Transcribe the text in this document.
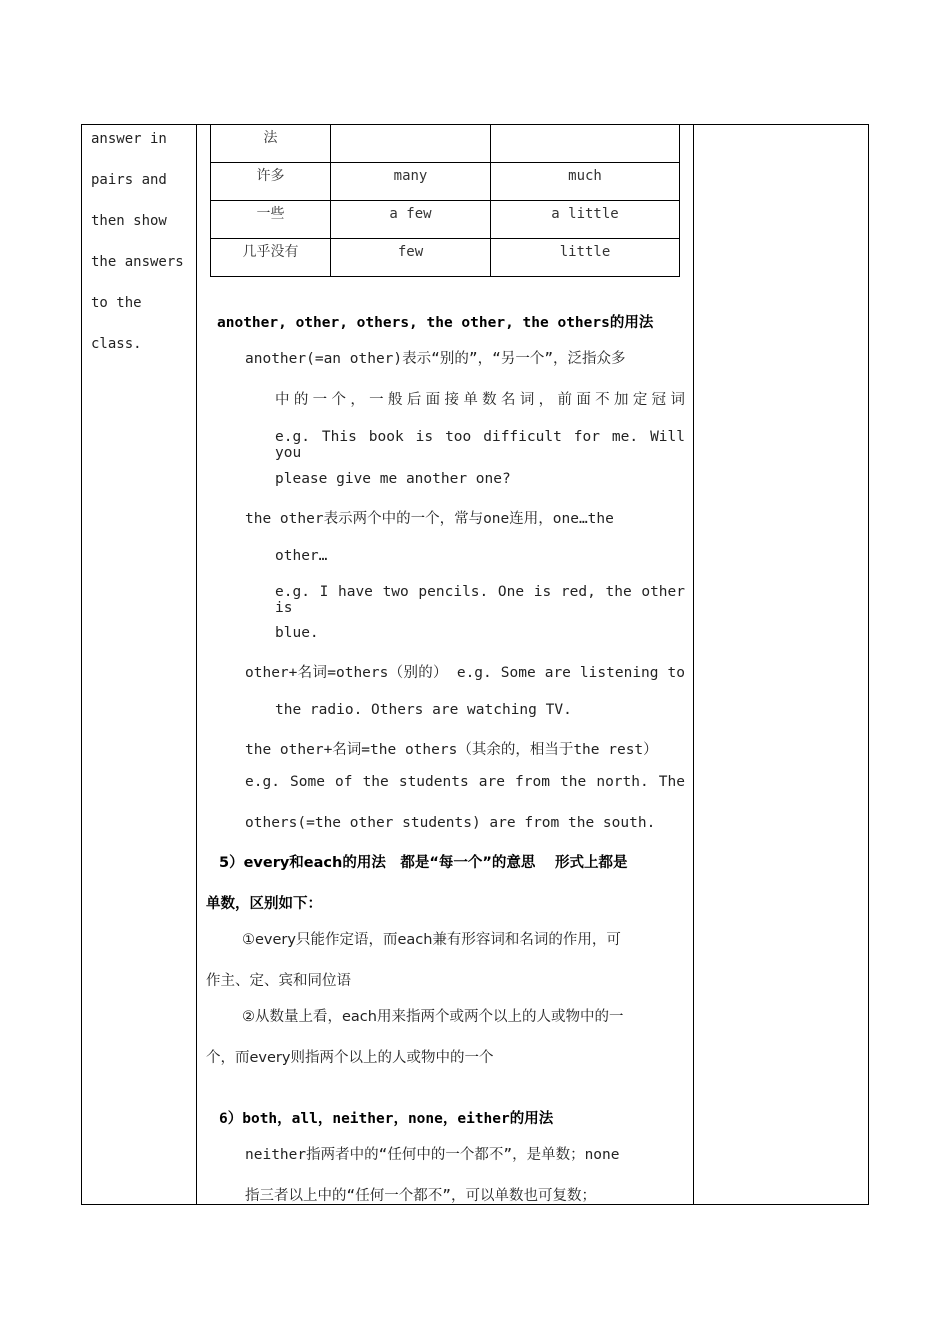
answer in
pairs and
then show
the answers
to the
class.
法		
许多	many	much
一些	a few	a little
几乎没有	few	little
another, other, others, the other, the others的用法
another(=an other)表示“别的”，“另一个”，泛指众多
中的一个，一般后面接单数名词，前面不加定冠词
e.g. This book is too difficult for me. Will you
please give me another one?
the other表示两个中的一个，常与one连用，one…the
other…
e.g. I have two pencils. One is red, the other is
blue.
other+名词=others（别的） e.g. Some are listening to
the radio. Others are watching TV.
the other+名词=the others（其余的，相当于the rest）
e.g. Some of the students are from the north. The
others(=the other students) are from the south.
5）every和each的用法　都是“每一个”的意思　 形式上都是
单数，区别如下：
①every只能作定语，而each兼有形容词和名词的作用，可
作主、定、宾和同位语
②从数量上看，each用来指两个或两个以上的人或物中的一
个，而every则指两个以上的人或物中的一个
6）both，all，neither，none，either的用法
neither指两者中的“任何中的一个都不”，是单数；none
指三者以上中的“任何一个都不”，可以单数也可复数；
